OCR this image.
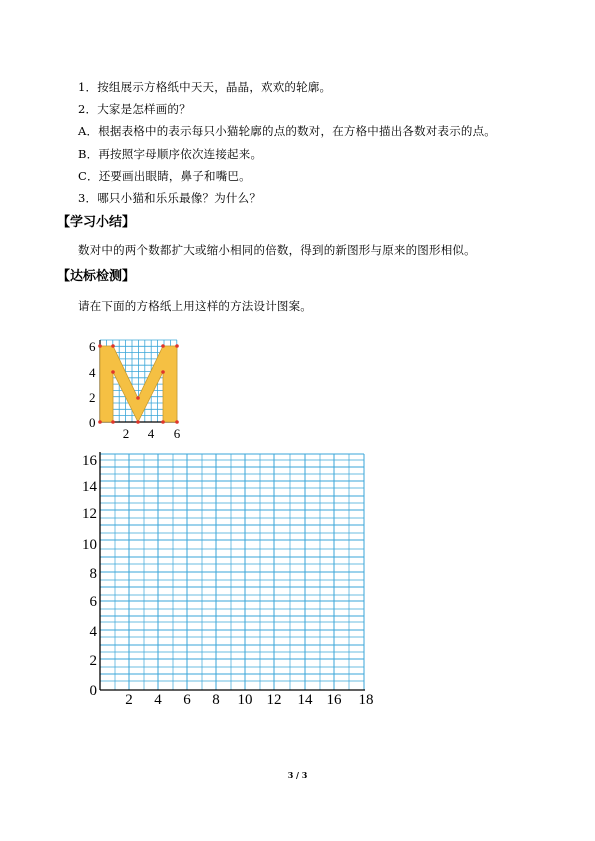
1．按组展示方格纸中天天，晶晶，欢欢的轮廓。
2．大家是怎样画的？
A．根据表格中的表示每只小猫轮廓的点的数对，在方格中描出各数对表示的点。
B．再按照字母顺序依次连接起来。
C．还要画出眼睛，鼻子和嘴巴。
3．哪只小猫和乐乐最像？为什么？
【学习小结】
数对中的两个数都扩大或缩小相同的倍数，得到的新图形与原来的图形相似。
【达标检测】
请在下面的方格纸上用这样的方法设计图案。
6
4
2
0
2 4 6
16
14
12
10
8
6
4
2
0
2 4 6 8 10 12 14 16 18
3 / 3
